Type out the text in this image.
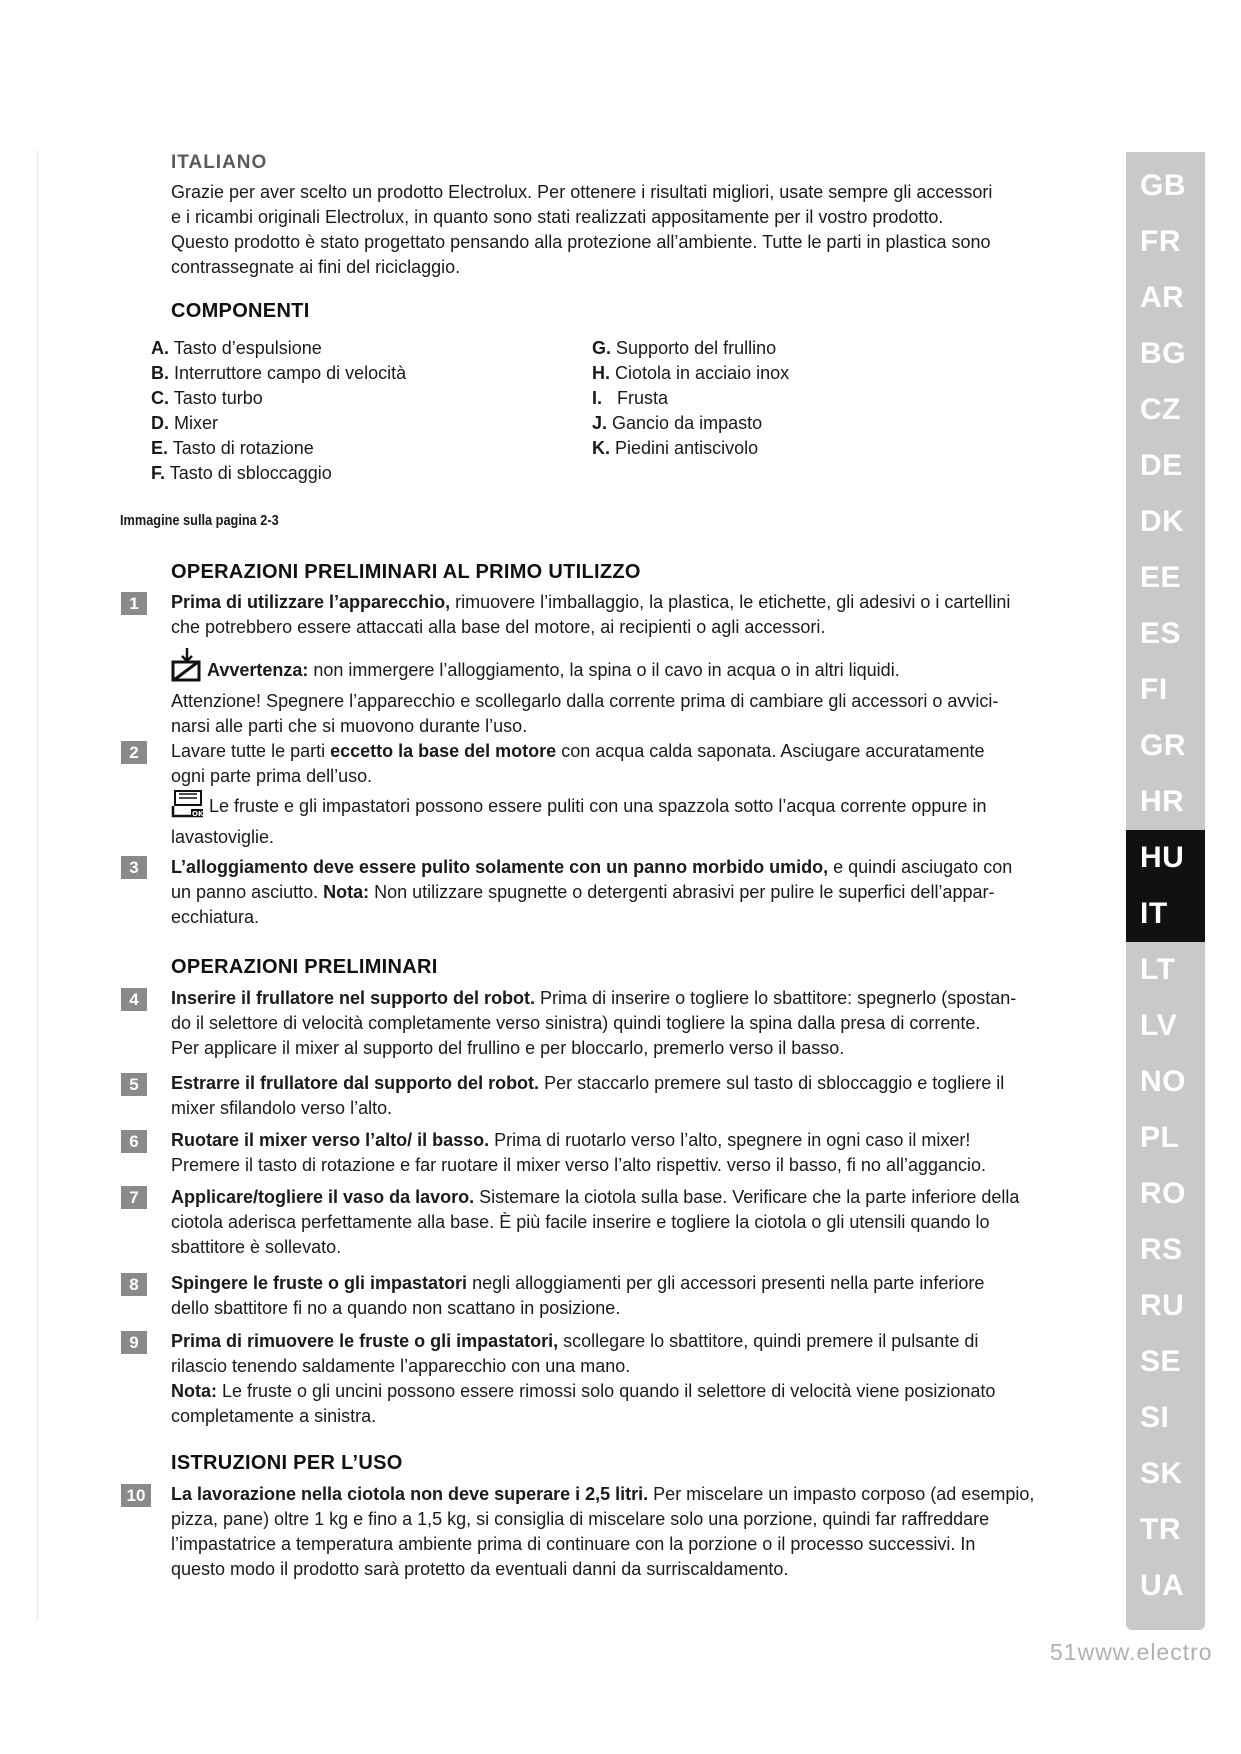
ITALIANO

Grazie per aver scelto un prodotto Electrolux. Per ottenere i risultati migliori, usate sempre gli accessori

e i ricambi originali Electrolux, in quanto sono stati realizzati appositamente per il vostro prodotto.

Questo prodotto è stato progettato pensando alla protezione all’ambiente. Tutte le parti in plastica sono

contrassegnate ai fini del riciclaggio.

COMPONENTI
A. Tasto d’espulsione
B. Interruttore campo di velocità
C. Tasto turbo
D. Mixer
E. Tasto di rotazione
F. Tasto di sbloccaggio
G. Supporto del frullino
H. Ciotola in acciaio inox
I. Frusta
J. Gancio da impasto
K. Piedini antiscivolo
Immagine sulla pagina 2-3
OPERAZIONI PRELIMINARI AL PRIMO UTILIZZO
1	Prima di utilizzare l’apparecchio, rimuovere l’imballaggio, la plastica, le etichette, gli adesivi o i cartellini
che potrebbero essere attaccati alla base del motore, ai recipienti o agli accessori.
Avvertenza: non immergere l’alloggiamento, la spina o il cavo in acqua o in altri liquidi.
Attenzione! Spegnere l’apparecchio e scollegarlo dalla corrente prima di cambiare gli accessori o avvici-
narsi alle parti che si muovono durante l’uso.
2	Lavare tutte le parti eccetto la base del motore con acqua calda saponata. Asciugare accuratamente
ogni parte prima dell’uso.
OK Le fruste e gli impastatori possono essere puliti con una spazzola sotto l’acqua corrente oppure in
lavastoviglie.
3	L’alloggiamento deve essere pulito solamente con un panno morbido umido, e quindi asciugato con
un panno asciutto. Nota: Non utilizzare spugnette o detergenti abrasivi per pulire le superfici dell’appar-
ecchiatura.
OPERAZIONI PRELIMINARI
4	Inserire il frullatore nel supporto del robot. Prima di inserire o togliere lo sbattitore: spegnerlo (spostan-
do il selettore di velocità completamente verso sinistra) quindi togliere la spina dalla presa di corrente.
Per applicare il mixer al supporto del frullino e per bloccarlo, premerlo verso il basso.
5	Estrarre il frullatore dal supporto del robot. Per staccarlo premere sul tasto di sbloccaggio e togliere il
mixer sfilandolo verso l’alto.
6	Ruotare il mixer verso l’alto/ il basso. Prima di ruotarlo verso l’alto, spegnere in ogni caso il mixer!
Premere il tasto di rotazione e far ruotare il mixer verso l’alto rispettiv. verso il basso, fi no all’aggancio.
7	Applicare/togliere il vaso da lavoro. Sistemare la ciotola sulla base. Verificare che la parte inferiore della
ciotola aderisca perfettamente alla base. È più facile inserire e togliere la ciotola o gli utensili quando lo
sbattitore è sollevato.
8	Spingere le fruste o gli impastatori negli alloggiamenti per gli accessori presenti nella parte inferiore
dello sbattitore fi no a quando non scattano in posizione.
9	Prima di rimuovere le fruste o gli impastatori, scollegare lo sbattitore, quindi premere il pulsante di
rilascio tenendo saldamente l’apparecchio con una mano.
Nota: Le fruste o gli uncini possono essere rimossi solo quando il selettore di velocità viene posizionato
completamente a sinistra.
ISTRUZIONI PER L’USO
10	La lavorazione nella ciotola non deve superare i 2,5 litri. Per miscelare un impasto corposo (ad esempio,
pizza, pane) oltre 1 kg e fino a 1,5 kg, si consiglia di miscelare solo una porzione, quindi far raffreddare
l’impastatrice a temperatura ambiente prima di continuare con la porzione o il processo successivi. In
questo modo il prodotto sarà protetto da eventuali danni da surriscaldamento.
GB
FR
AR
BG
CZ
DE
DK
EE
ES
FI
GR
HR
HU
IT
LT
LV
NO
PL
RO
RS
RU
SE
SI
SK
TR
UA
51www.electro
